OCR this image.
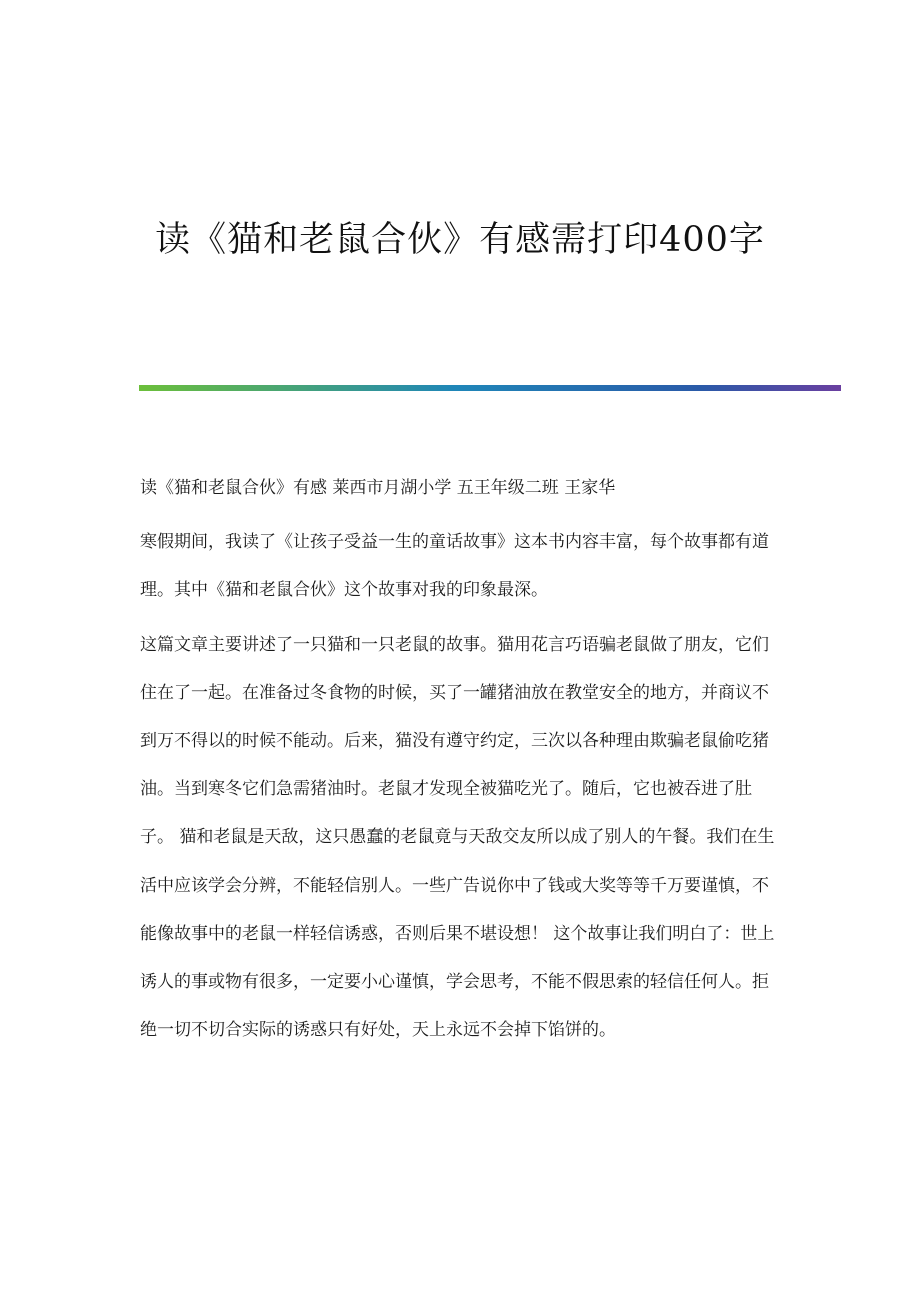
读《猫和老鼠合伙》有感需打印400字

读《猫和老鼠合伙》有感 莱西市月湖小学 五王年级二班 王家华

寒假期间，我读了《让孩子受益一生的童话故事》这本书内容丰富，每个故事都有道理。其中《猫和老鼠合伙》这个故事对我的印象最深。

这篇文章主要讲述了一只猫和一只老鼠的故事。猫用花言巧语骗老鼠做了朋友，它们住在了一起。在准备过冬食物的时候，买了一罐猪油放在教堂安全的地方，并商议不到万不得以的时候不能动。后来，猫没有遵守约定，三次以各种理由欺骗老鼠偷吃猪油。当到寒冬它们急需猪油时。老鼠才发现全被猫吃光了。随后，它也被吞进了肚子。 猫和老鼠是天敌，这只愚蠢的老鼠竟与天敌交友所以成了别人的午餐。我们在生活中应该学会分辨，不能轻信别人。一些广告说你中了钱或大奖等等千万要谨慎，不能像故事中的老鼠一样轻信诱惑，否则后果不堪设想！ 这个故事让我们明白了：世上诱人的事或物有很多，一定要小心谨慎，学会思考，不能不假思索的轻信任何人。拒绝一切不切合实际的诱惑只有好处，天上永远不会掉下馅饼的。
